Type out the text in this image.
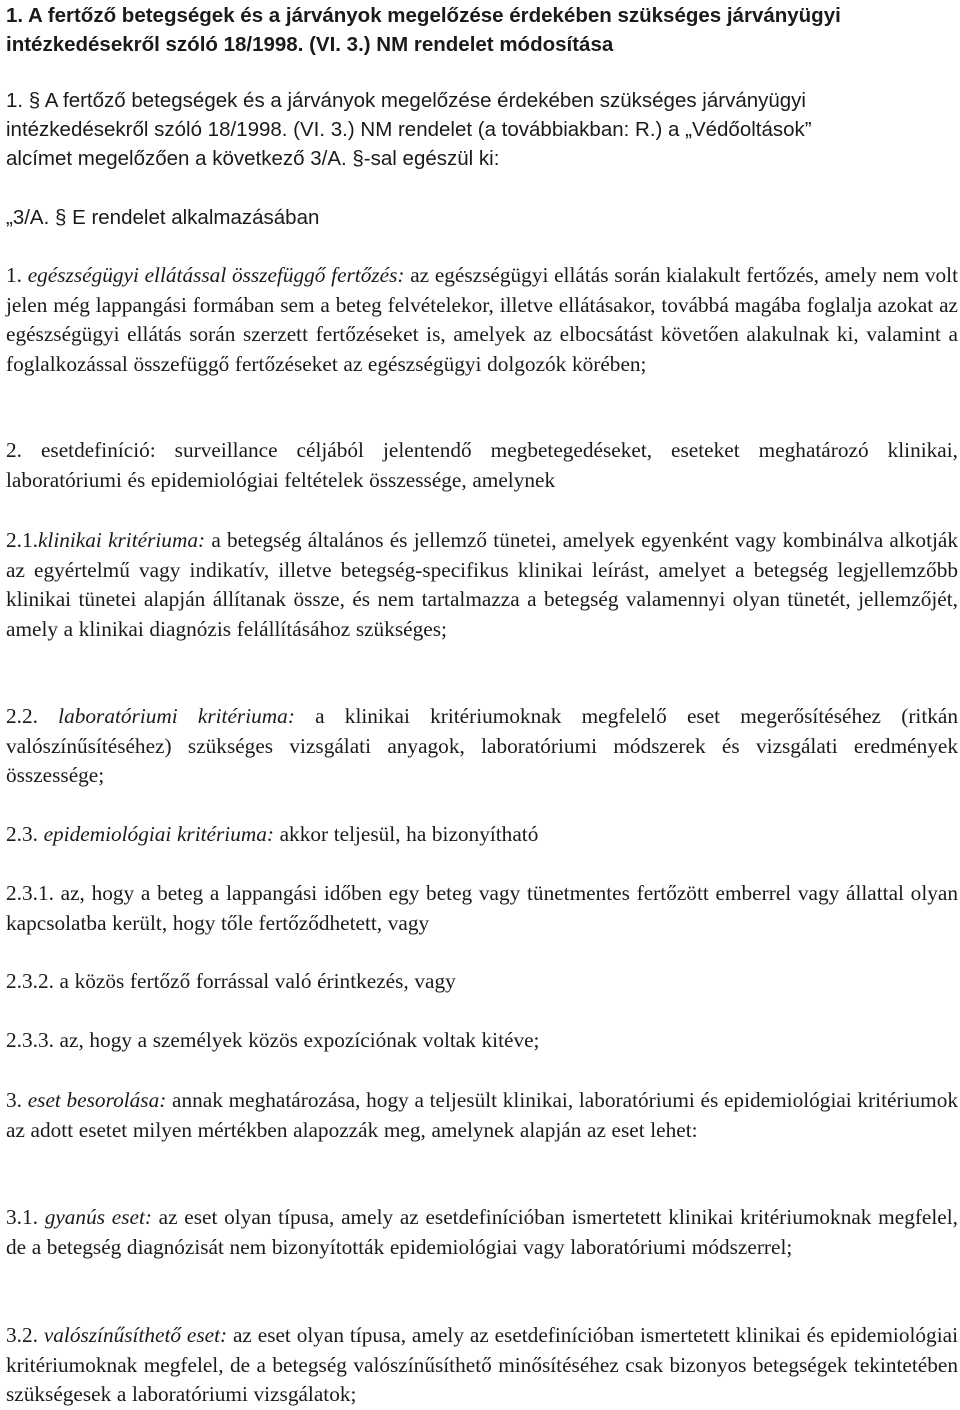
1. A fertőző betegségek és a járványok megelőzése érdekében szükséges járványügyi
intézkedésekről szóló 18/1998. (VI. 3.) NM rendelet módosítása
1. § A fertőző betegségek és a járványok megelőzése érdekében szükséges járványügyi
intézkedésekről szóló 18/1998. (VI. 3.) NM rendelet (a továbbiakban: R.) a „Védőoltások”
alcímet megelőzően a következő 3/A. §-sal egészül ki:
„3/A. § E rendelet alkalmazásában

1. egészségügyi ellátással összefüggő fertőzés: az egészségügyi ellátás során kialakult fertőzés, amely nem volt jelen még lappangási formában sem a beteg felvételekor, illetve ellátásakor, továbbá magába foglalja azokat az egészségügyi ellátás során szerzett fertőzéseket is, amelyek az elbocsátást követően alakulnak ki, valamint a foglalkozással összefüggő fertőzéseket az egészségügyi dolgozók körében;

2. esetdefiníció: surveillance céljából jelentendő megbetegedéseket, eseteket meghatározó klinikai, laboratóriumi és epidemiológiai feltételek összessége, amelynek

2.1.klinikai kritériuma: a betegség általános és jellemző tünetei, amelyek egyenként vagy kombinálva alkotják az egyértelmű vagy indikatív, illetve betegség-specifikus klinikai leírást, amelyet a betegség legjellemzőbb klinikai tünetei alapján állítanak össze, és nem tartalmazza a betegség valamennyi olyan tünetét, jellemzőjét, amely a klinikai diagnózis felállításához szükséges;

2.2. laboratóriumi kritériuma: a klinikai kritériumoknak megfelelő eset megerősítéséhez (ritkán valószínűsítéséhez) szükséges vizsgálati anyagok, laboratóriumi módszerek és vizsgálati eredmények összessége;

2.3. epidemiológiai kritériuma: akkor teljesül, ha bizonyítható

2.3.1. az, hogy a beteg a lappangási időben egy beteg vagy tünetmentes fertőzött emberrel vagy állattal olyan kapcsolatba került, hogy tőle fertőződhetett, vagy

2.3.2. a közös fertőző forrással való érintkezés, vagy

2.3.3. az, hogy a személyek közös expozíciónak voltak kitéve;

3. eset besorolása: annak meghatározása, hogy a teljesült klinikai, laboratóriumi és epidemiológiai kritériumok az adott esetet milyen mértékben alapozzák meg, amelynek alapján az eset lehet:

3.1. gyanús eset: az eset olyan típusa, amely az esetdefinícióban ismertetett klinikai kritériumoknak megfelel, de a betegség diagnózisát nem bizonyították epidemiológiai vagy laboratóriumi módszerrel;

3.2. valószínűsíthető eset: az eset olyan típusa, amely az esetdefinícióban ismertetett klinikai és epidemiológiai kritériumoknak megfelel, de a betegség valószínűsíthető minősítéséhez csak bizonyos betegségek tekintetében szükségesek a laboratóriumi vizsgálatok;
